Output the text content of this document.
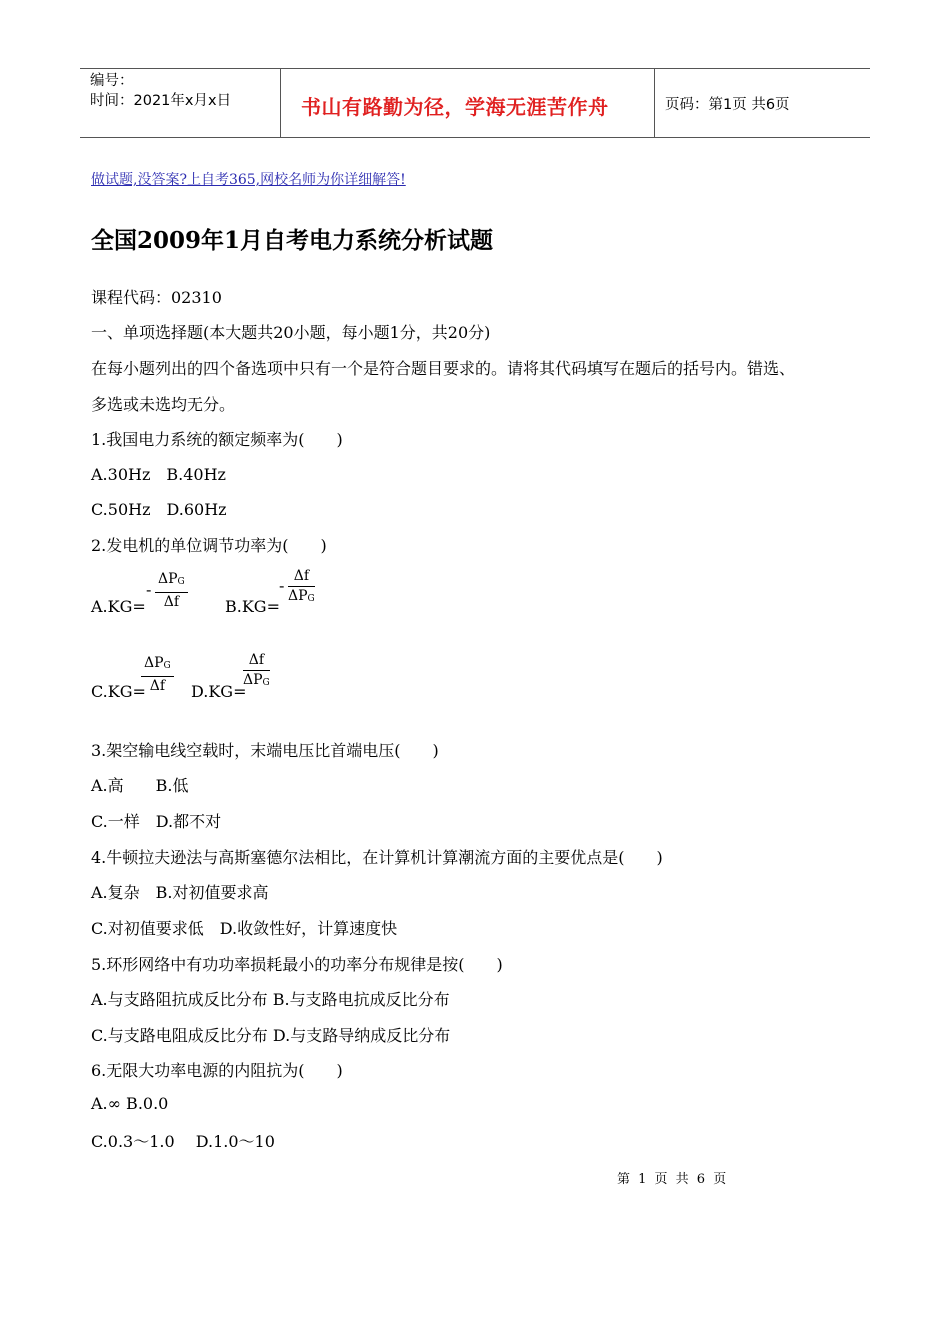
编号：
时间：2021年x月x日	书山有路勤为径，学海无涯苦作舟	页码：第1页 共6页
做试题,没答案?上自考365,网校名师为你详细解答!
全国2009年1月自考电力系统分析试题
课程代码：02310
一、单项选择题(本大题共20小题，每小题1分，共20分)
在每小题列出的四个备选项中只有一个是符合题目要求的。请将其代码填写在题后的括号内。错选、
多选或未选均无分。
1.我国电力系统的额定频率为(　　)
A.30Hz　B.40Hz
C.50Hz　D.60Hz
2.发电机的单位调节功率为(　　)
A.KG=
-
$\Delta P_G$
Δf	B.KG=
- Δf
$\Delta P_G$
C.KG=
$\Delta P_G$
Δf	D.KG=
Δf
$\Delta P_G$
3.架空输电线空载时，末端电压比首端电压(　　)
A.高　　B.低
C.一样　D.都不对
4.牛顿拉夫逊法与高斯塞德尔法相比，在计算机计算潮流方面的主要优点是(　　)
A.复杂　B.对初值要求高
C.对初值要求低　D.收敛性好，计算速度快
5.环形网络中有功功率损耗最小的功率分布规律是按(　　)
A.与支路阻抗成反比分布 B.与支路电抗成反比分布
C.与支路电阻成反比分布 D.与支路导纳成反比分布
6.无限大功率电源的内阻抗为(　　)
A.∞ B.0.0
C.0.3～1.0　 D.1.0～10
第 1 页 共 6 页
